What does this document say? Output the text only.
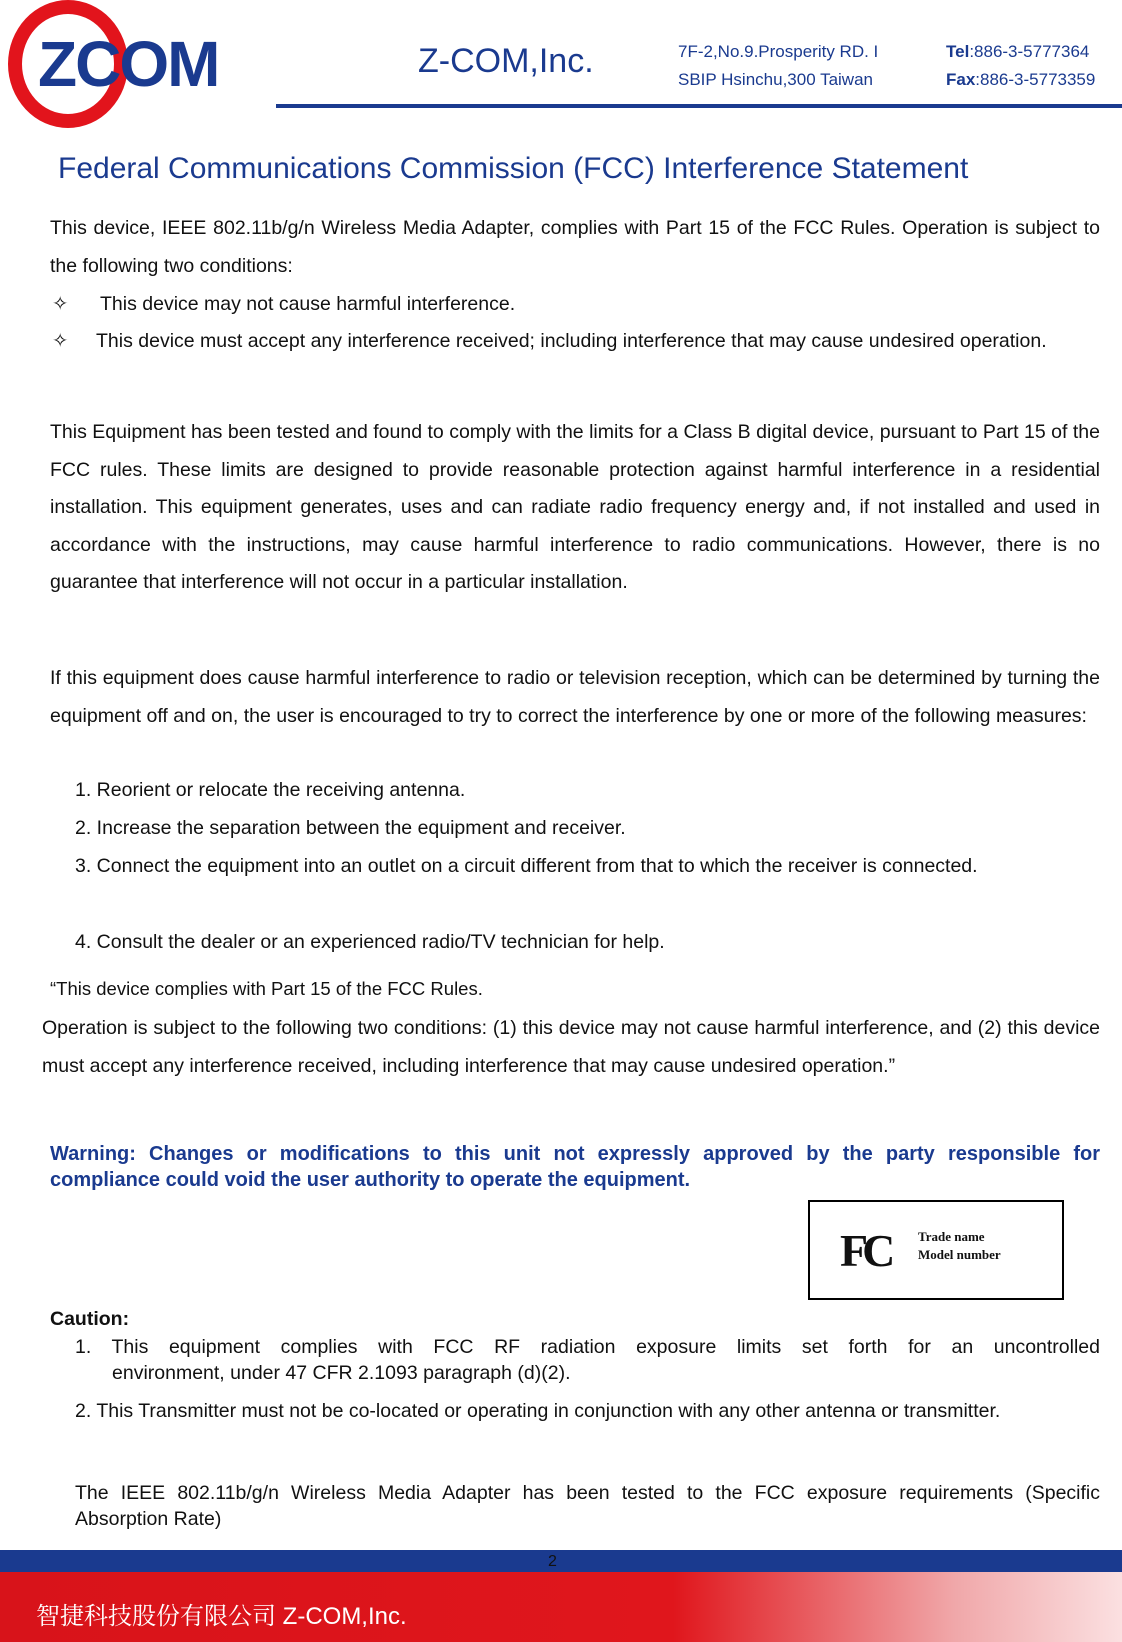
ZCOM	Z-COM,Inc.	7F-2,No.9.Prosperity RD. I
SBIP Hsinchu,300 Taiwan
Tel:886-3-5777364
Fax:886-3-5773359
Federal Communications Commission (FCC) Interference Statement
This device, IEEE 802.11b/g/n Wireless Media Adapter, complies with Part 15 of the FCC Rules. Operation is subject to the following two conditions:
✧ This device may not cause harmful interference.
✧ This device must accept any interference received; including interference that may cause undesired operation.
This Equipment has been tested and found to comply with the limits for a Class B digital device, pursuant to Part 15 of the FCC rules. These limits are designed to provide reasonable protection against harmful interference in a residential installation. This equipment generates, uses and can radiate radio frequency energy and, if not installed and used in accordance with the instructions, may cause harmful interference to radio communications. However, there is no guarantee that interference will not occur in a particular installation.
If this equipment does cause harmful interference to radio or television reception, which can be determined by turning the equipment off and on, the user is encouraged to try to correct the interference by one or more of the following measures:
1. Reorient or relocate the receiving antenna.
2. Increase the separation between the equipment and receiver.
3. Connect the equipment into an outlet on a circuit different from that to which the receiver is connected.
4. Consult the dealer or an experienced radio/TV technician for help.
“This device complies with Part 15 of the FCC Rules.
Operation is subject to the following two conditions: (1) this device may not cause harmful interference, and (2) this device must accept any interference received, including interference that may cause undesired operation.”
Warning: Changes or modifications to this unit not expressly approved by the party responsible for compliance could void the user authority to operate the equipment.
FC Trade name
Model number
Caution:
1. This equipment complies with FCC RF radiation exposure limits set forth for an uncontrolled
environment, under 47 CFR 2.1093 paragraph (d)(2).
2. This Transmitter must not be co-located or operating in conjunction with any other antenna or transmitter.
The IEEE 802.11b/g/n Wireless Media Adapter has been tested to the FCC exposure requirements (Specific Absorption Rate)
2
智捷科技股份有限公司 Z-COM,Inc.
